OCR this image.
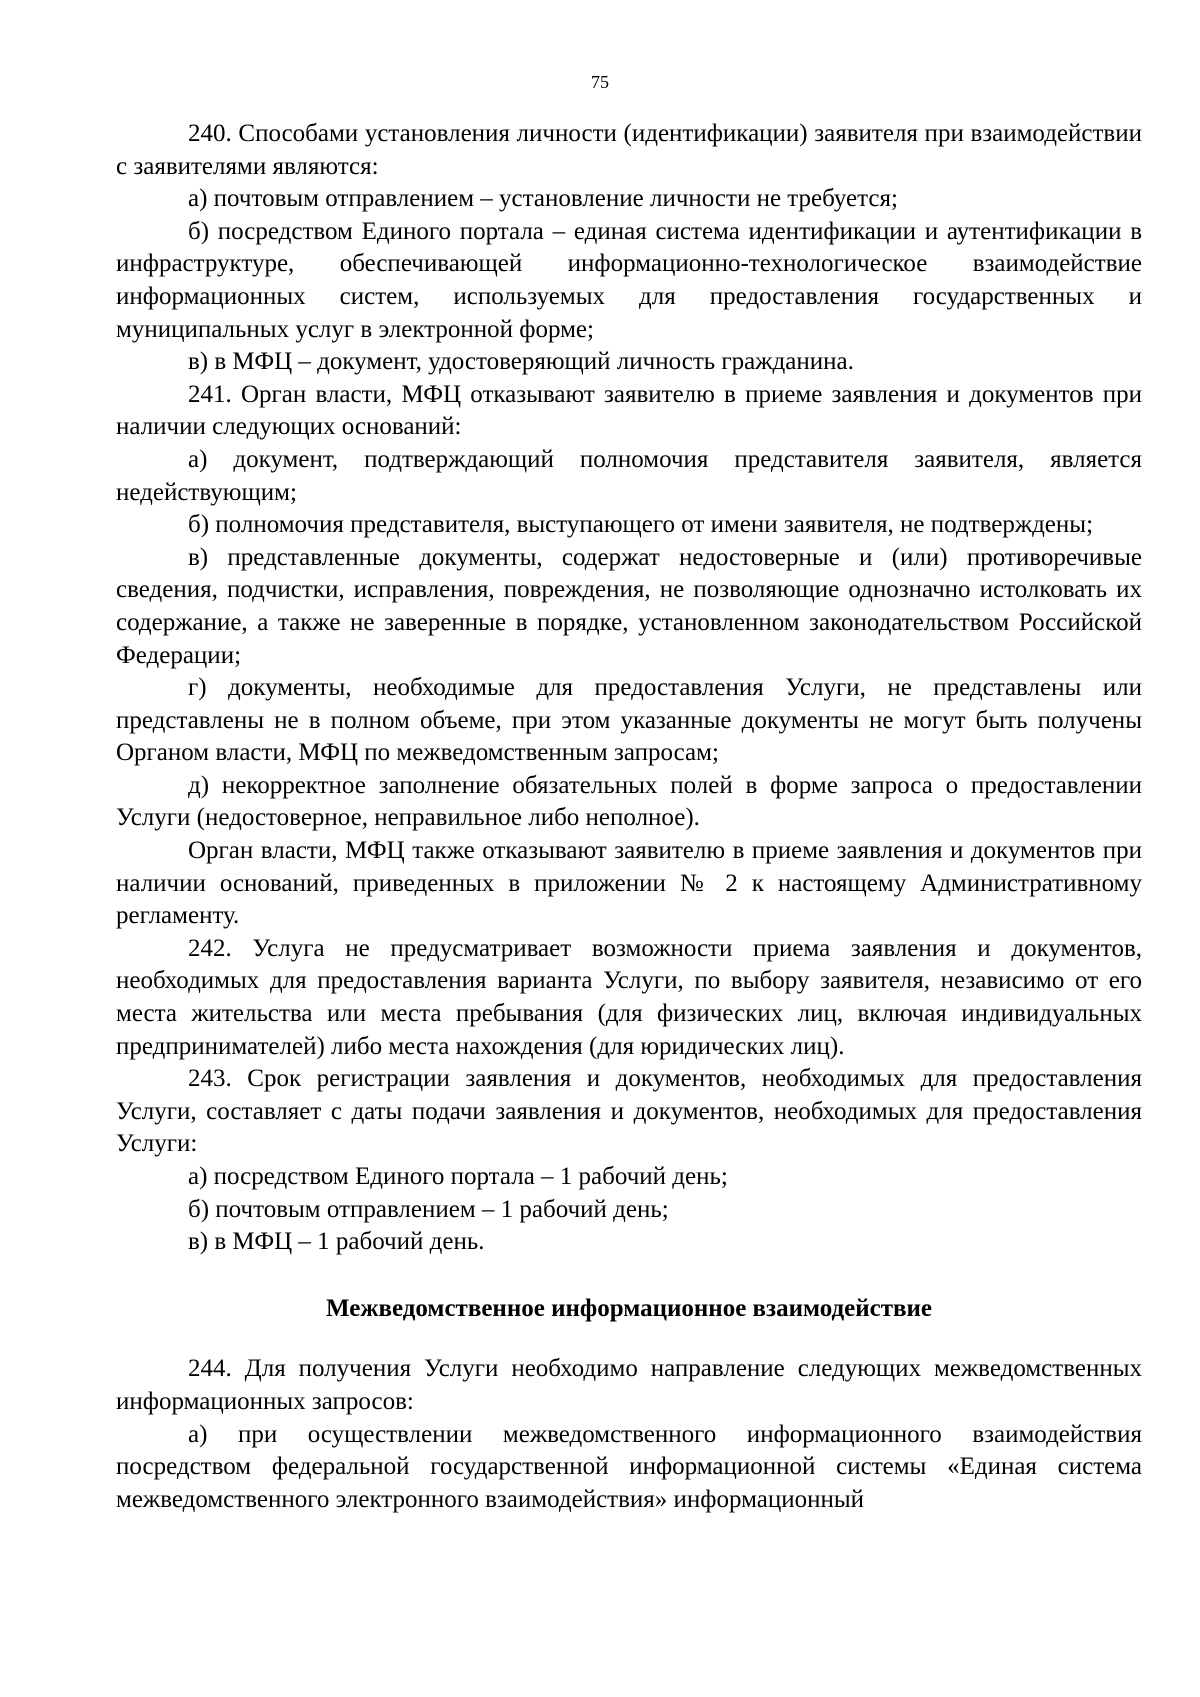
75

240. Способами установления личности (идентификации) заявителя при взаимодействии с заявителями являются:

а) почтовым отправлением – установление личности не требуется;

б) посредством Единого портала – единая система идентификации и аутентификации в инфраструктуре, обеспечивающей информационно-технологическое взаимодействие информационных систем, используемых для предоставления государственных и муниципальных услуг в электронной форме;

в) в МФЦ – документ, удостоверяющий личность гражданина.

241. Орган власти, МФЦ отказывают заявителю в приеме заявления и документов при наличии следующих оснований:

а) документ, подтверждающий полномочия представителя заявителя, является недействующим;

б) полномочия представителя, выступающего от имени заявителя, не подтверждены;

в) представленные документы, содержат недостоверные и (или) противоречивые сведения, подчистки, исправления, повреждения, не позволяющие однозначно истолковать их содержание, а также не заверенные в порядке, установленном законодательством Российской Федерации;

г) документы, необходимые для предоставления Услуги, не представлены или представлены не в полном объеме, при этом указанные документы не могут быть получены Органом власти, МФЦ по межведомственным запросам;

д) некорректное заполнение обязательных полей в форме запроса о предоставлении Услуги (недостоверное, неправильное либо неполное).

Орган власти, МФЦ также отказывают заявителю в приеме заявления и документов при наличии оснований, приведенных в приложении № 2 к настоящему Административному регламенту.

242. Услуга не предусматривает возможности приема заявления и документов, необходимых для предоставления варианта Услуги, по выбору заявителя, независимо от его места жительства или места пребывания (для физических лиц, включая индивидуальных предпринимателей) либо места нахождения (для юридических лиц).

243. Срок регистрации заявления и документов, необходимых для предоставления Услуги, составляет с даты подачи заявления и документов, необходимых для предоставления Услуги:

а) посредством Единого портала – 1 рабочий день;

б) почтовым отправлением – 1 рабочий день;

в) в МФЦ – 1 рабочий день.

Межведомственное информационное взаимодействие

244. Для получения Услуги необходимо направление следующих межведомственных информационных запросов:

а) при осуществлении межведомственного информационного взаимодействия посредством федеральной государственной информационной системы «Единая система межведомственного электронного взаимодействия» информационный
